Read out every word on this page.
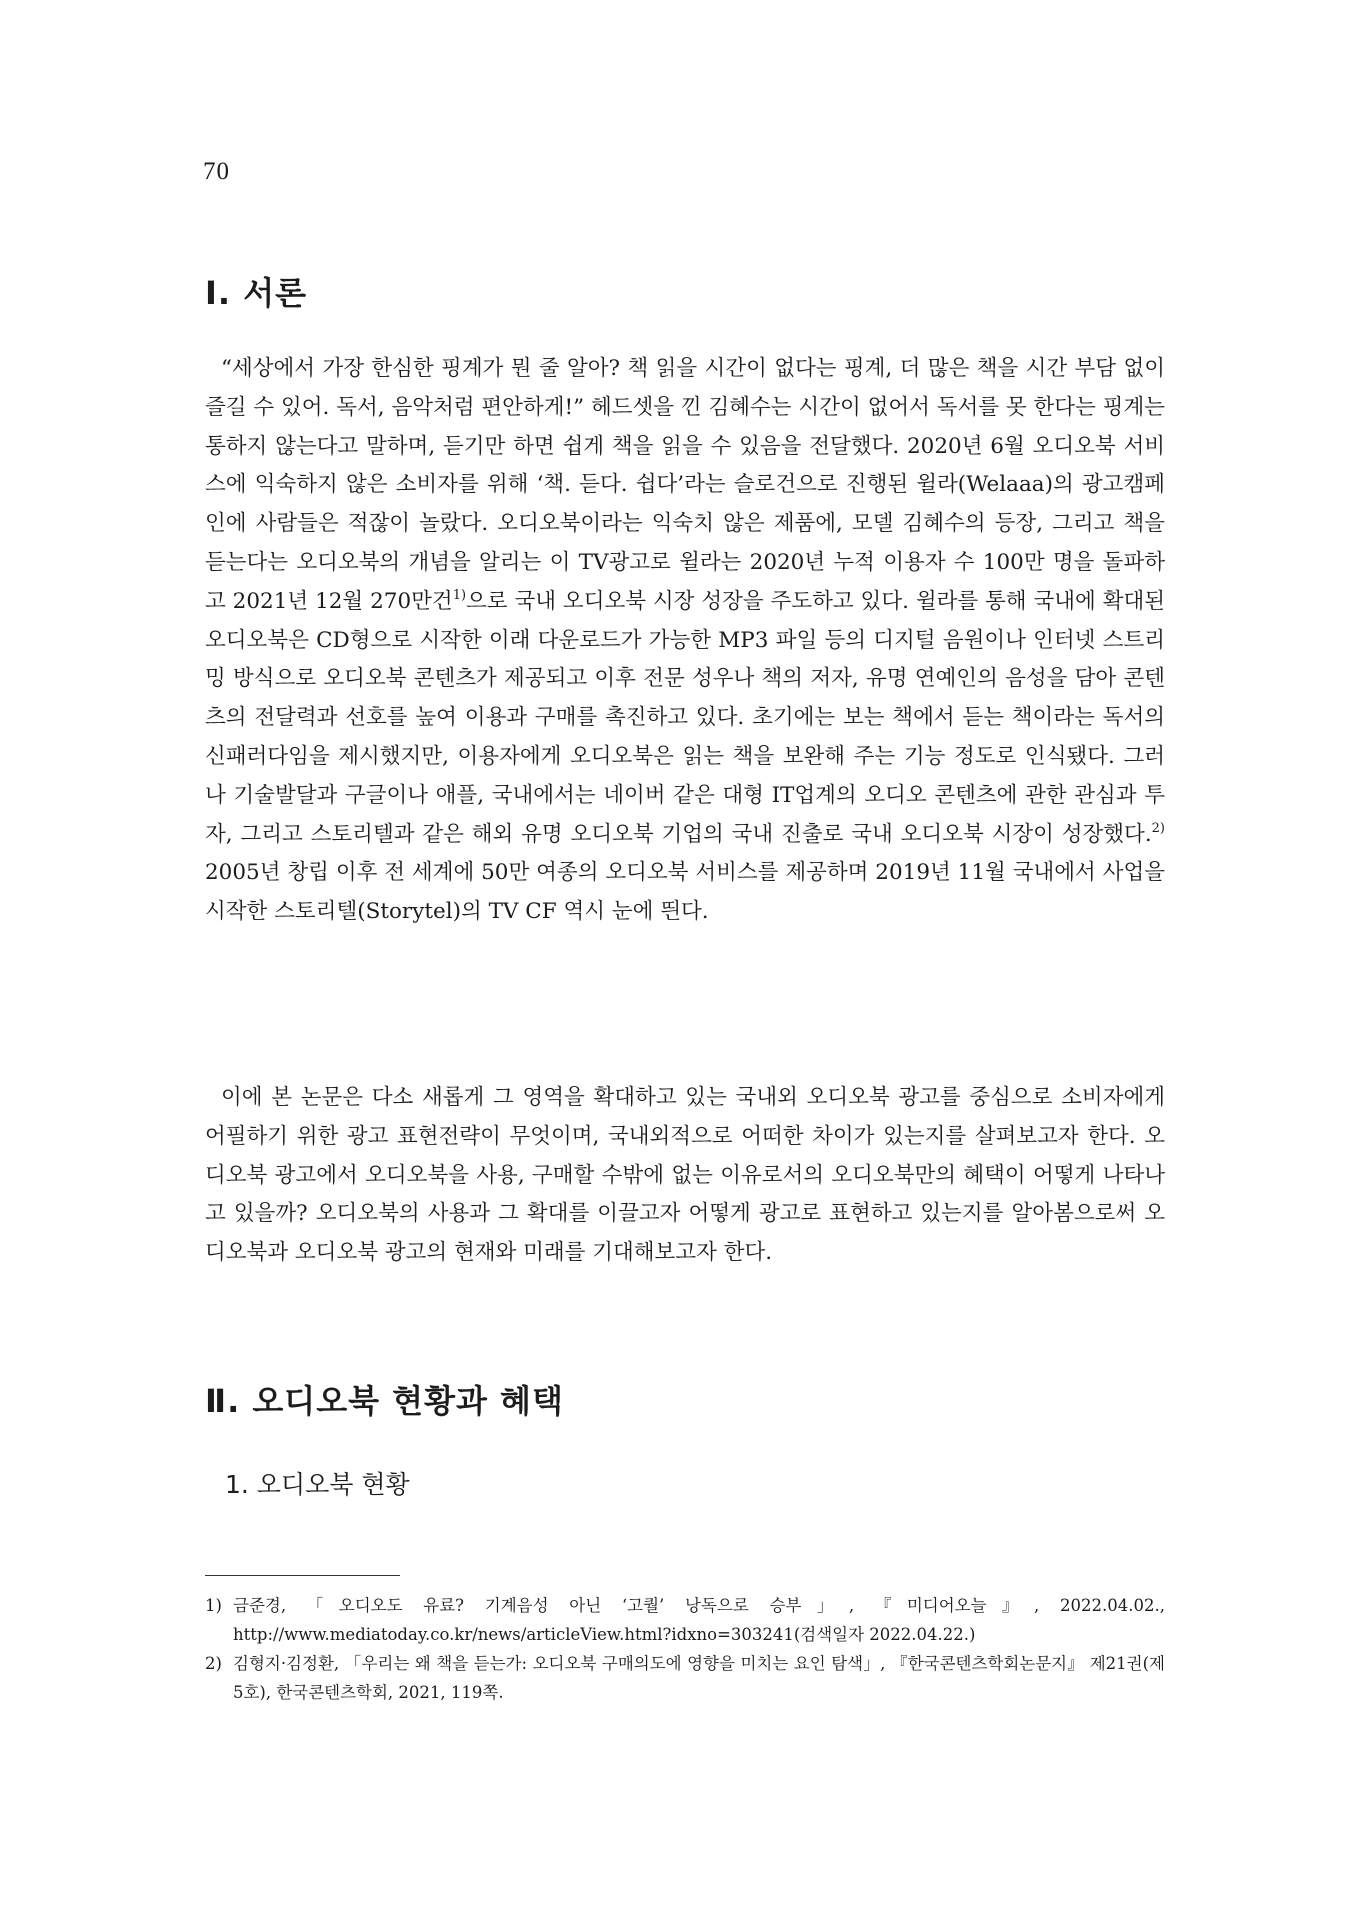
70
Ⅰ. 서론

“세상에서 가장 한심한 핑계가 뭔 줄 알아? 책 읽을 시간이 없다는 핑계, 더 많은 책을 시간 부담 없이 즐길 수 있어. 독서, 음악처럼 편안하게!” 헤드셋을 낀 김혜수는 시간이 없어서 독서를 못 한다는 핑계는 통하지 않는다고 말하며, 듣기만 하면 쉽게 책을 읽을 수 있음을 전달했다. 2020년 6월 오디오북 서비스에 익숙하지 않은 소비자를 위해 ‘책. 듣다. 쉽다’라는 슬로건으로 진행된 윌라(Welaaa)의 광고캠페인에 사람들은 적잖이 놀랐다. 오디오북이라는 익숙치 않은 제품에, 모델 김혜수의 등장, 그리고 책을 듣는다는 오디오북의 개념을 알리는 이 TV광고로 윌라는 2020년 누적 이용자 수 100만 명을 돌파하고 2021년 12월 270만건$^{1)}$으로 국내 오디오북 시장 성장을 주도하고 있다. 윌라를 통해 국내에 확대된 오디오북은 CD형으로 시작한 이래 다운로드가 가능한 MP3 파일 등의 디지털 음원이나 인터넷 스트리밍 방식으로 오디오북 콘텐츠가 제공되고 이후 전문 성우나 책의 저자, 유명 연예인의 음성을 담아 콘텐츠의 전달력과 선호를 높여 이용과 구매를 촉진하고 있다. 초기에는 보는 책에서 듣는 책이라는 독서의 신패러다임을 제시했지만, 이용자에게 오디오북은 읽는 책을 보완해 주는 기능 정도로 인식됐다. 그러나 기술발달과 구글이나 애플, 국내에서는 네이버 같은 대형 IT업계의 오디오 콘텐츠에 관한 관심과 투자, 그리고 스토리텔과 같은 해외 유명 오디오북 기업의 국내 진출로 국내 오디오북 시장이 성장했다.$^{2)}$ 2005년 창립 이후 전 세계에 50만 여종의 오디오북 서비스를 제공하며 2019년 11월 국내에서 사업을 시작한 스토리텔(Storytel)의 TV CF 역시 눈에 띈다.

이에 본 논문은 다소 새롭게 그 영역을 확대하고 있는 국내외 오디오북 광고를 중심으로 소비자에게 어필하기 위한 광고 표현전략이 무엇이며, 국내외적으로 어떠한 차이가 있는지를 살펴보고자 한다. 오디오북 광고에서 오디오북을 사용, 구매할 수밖에 없는 이유로서의 오디오북만의 혜택이 어떻게 나타나고 있을까? 오디오북의 사용과 그 확대를 이끌고자 어떻게 광고로 표현하고 있는지를 알아봄으로써 오디오북과 오디오북 광고의 현재와 미래를 기대해보고자 한다.

Ⅱ. 오디오북 현황과 혜택
1. 오디오북 현황
1) 금준경, 「오디오도 유료? 기계음성 아닌 ‘고퀄’ 낭독으로 승부」, 『미디어오늘』, 2022.04.02., http://www.mediatoday.co.kr/news/articleView.html?idxno=303241(검색일자 2022.04.22.)
2) 김형지·김정환, 「우리는 왜 책을 듣는가: 오디오북 구매의도에 영향을 미치는 요인 탐색」, 『한국콘텐츠학회논문지』 제21권(제5호), 한국콘텐츠학회, 2021, 119쪽.
